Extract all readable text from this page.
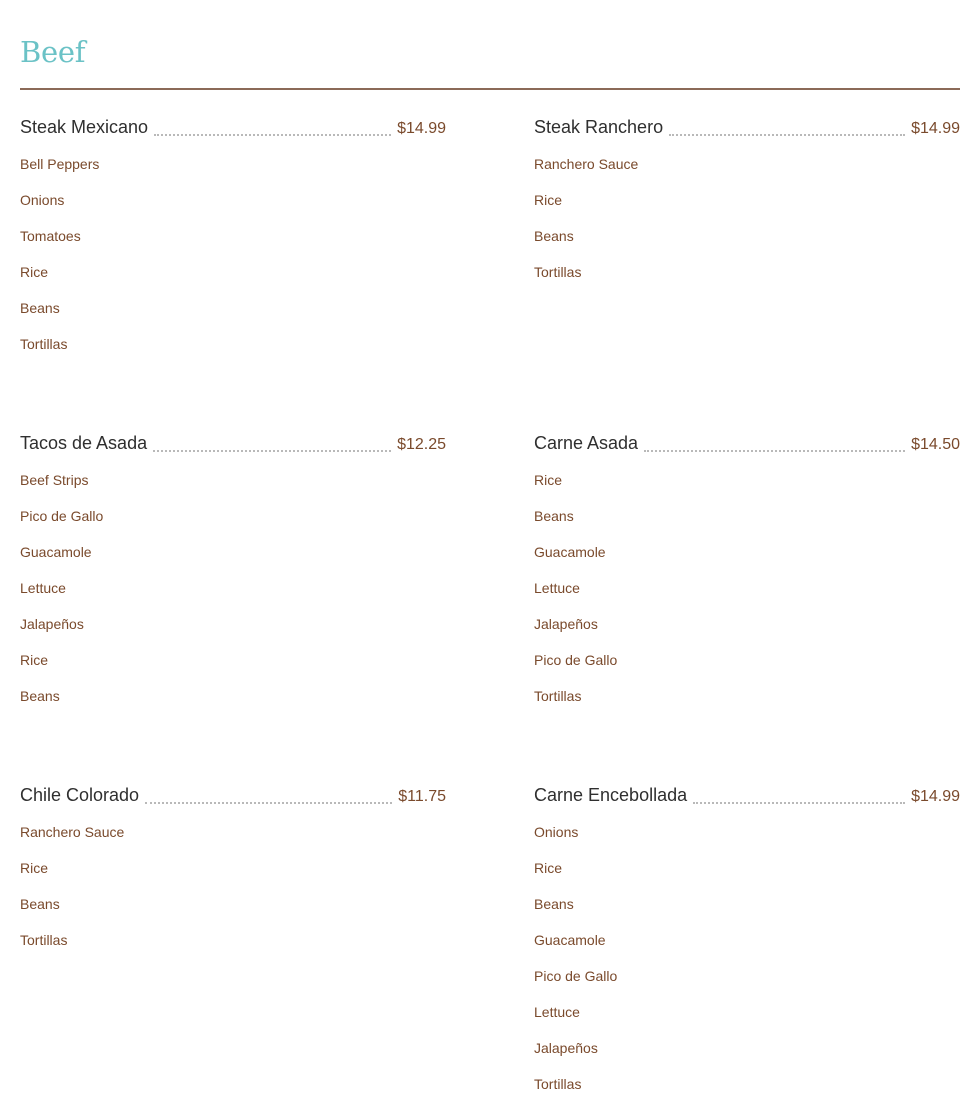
Beef
Steak Mexicano	$14.99
Bell Peppers
Onions
Tomatoes
Rice
Beans
Tortillas
Steak Ranchero	$14.99
Ranchero Sauce
Rice
Beans
Tortillas
Tacos de Asada	$12.25
Beef Strips
Pico de Gallo
Guacamole
Lettuce
Jalapeños
Rice
Beans
Carne Asada	$14.50
Rice
Beans
Guacamole
Lettuce
Jalapeños
Pico de Gallo
Tortillas
Chile Colorado	$11.75
Ranchero Sauce
Rice
Beans
Tortillas
Carne Encebollada	$14.99
Onions
Rice
Beans
Guacamole
Pico de Gallo
Lettuce
Jalapeños
Tortillas
